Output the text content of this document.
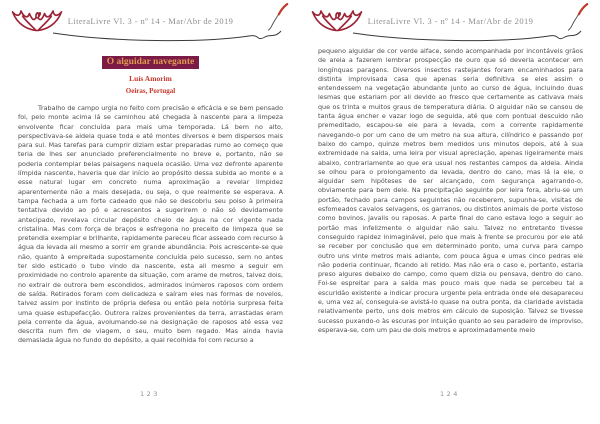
LiteraLivre Vl. 3 - nº 14 - Mar/Abr de 2019
O alguidar navegante
Luís Amorim
Oeiras, Portugal

Trabalho de campo urgia no feito com precisão e eficácia e se bem pensado foi, pelo monte acima lá se caminhou até chegada à nascente para a limpeza envolvente ficar concluída para mais uma temporada. Lá bem no alto, perspectivava-se aldeia quase toda e até montes diversos e bem dispersos mais para sul. Mas tarefas para cumprir diziam estar preparadas rumo ao começo que teria de lhes ser anunciado preferencialmente no breve e, portanto, não se poderia contemplar belas paisagens naquela ocasião. Uma vez defronte aparente límpida nascente, haveria que dar início ao propósito dessa subida ao monte e a esse natural lugar em concreto numa aproximação a revelar limpidez aparentemente não a mais desejada, ou seja, o que realmente se esperava. A tampa fechada a um forte cadeado que não se descobriu seu poiso à primeira tentativa devido ao pó e acrescentos a sugerirem o não só devidamente antecipado, revelava circular depósito cheio de água na cor vigente nada cristalina. Mas com força de braços e esfregona no preceito de limpeza que se pretendia exemplar e brilhante, rapidamente pareceu ficar asseado com recurso à água da levada ali mesmo a sorrir em grande abundância. Pois acrescente-se que não, quanto à empreitada supostamente concluída pelo sucesso, sem no antes ter sido esticado o tubo vindo da nascente, esta ali mesmo a seguir em proximidade no controlo aparente da situação, com arame de metros, talvez dois, no extrair de outrora bem escondidos, admirados inúmeros raposos com ordem de saída. Retirados foram com delicadeza e saíram eles nas formas de novelos, talvez assim por instinto de própria defesa ou então pela notória surpresa feita uma quase estupefacção. Outrora raízes provenientes da terra, arrastadas eram pela corrente da água, avolumando-se na designação de raposos até essa vez descrita num fim de viagem, o seu, muito bem regado. Mas ainda havia demasiada água no fundo do depósito, a qual recolhida foi com recurso a

123
LiteraLivre Vl. 3 - nº 14 - Mar/Abr de 2019

pequeno alguidar de cor verde alface, sendo acompanhada por incontáveis grãos de areia a fazerem lembrar prospecção de ouro que só deveria acontecer em longínquas paragens. Diversos insectos rastejantes foram encaminhados para distinta improvisada casa que apenas seria definitiva se eles assim o entendessem na vegetação abundante junto ao curso de água, incluindo duas lesmas que estariam por ali devido ao fresco que certamente as cativava mais que os trinta e muitos graus de temperatura diária. O alguidar não se cansou de tanta água encher e vazar logo de seguida, até que com pontual descuido não premeditado, escapou-se ele para a levada, com a corrente rapidamente navegando-o por um cano de um metro na sua altura, cilíndrico e passando por baixo do campo, quinze metros bem medidos uns minutos depois, até à sua extremidade na saída, uma leira por visual apreciação, apenas ligeiramente mais abaixo, contrariamente ao que era usual nos restantes campos da aldeia. Ainda se olhou para o prolongamento da levada, dentro do cano, mas lá ia ele, o alguidar sem hipóteses de ser alcançado, com segurança agarrando-o, obviamente para bem dele. Na precipitação seguinte por leira fora, abriu-se um portão, fechado para campos seguintes não receberem, supunha-se, visitas de esfomeados cavalos selvagens, os garranos, ou distintos animais de porte vistoso como bovinos, javalis ou raposas. A parte final do cano estava logo a seguir ao portão mas infelizmente o alguidar não saiu. Talvez no entretanto tivesse conseguido rapidez inimaginável, pelo que mais à frente se procurou por ele até se receber por conclusão que em determinado ponto, uma curva para campo outro uns vinte metros mais adiante, com pouca água e umas cinco pedras ele não poderia continuar, ficando ali retido. Mas não era o caso e, portanto, estaria preso algures debaixo do campo, como quem dizia ou pensava, dentro do cano. Foi-se espreitar para a saída mas pouco mais que nada se percebeu tal a escuridão existente a indicar procura urgente pela entrada onde ele desapareceu e, uma vez aí, conseguia-se avistá-lo quase na outra ponta, da claridade avistada relativamente perto, uns dois metros em cálculo de suposição. Talvez se tivesse sucesso puxando-o às escuras por intuição quanto ao seu paradeiro de improviso, esperava-se, com um pau de dois metros e aproximadamente meio

124
